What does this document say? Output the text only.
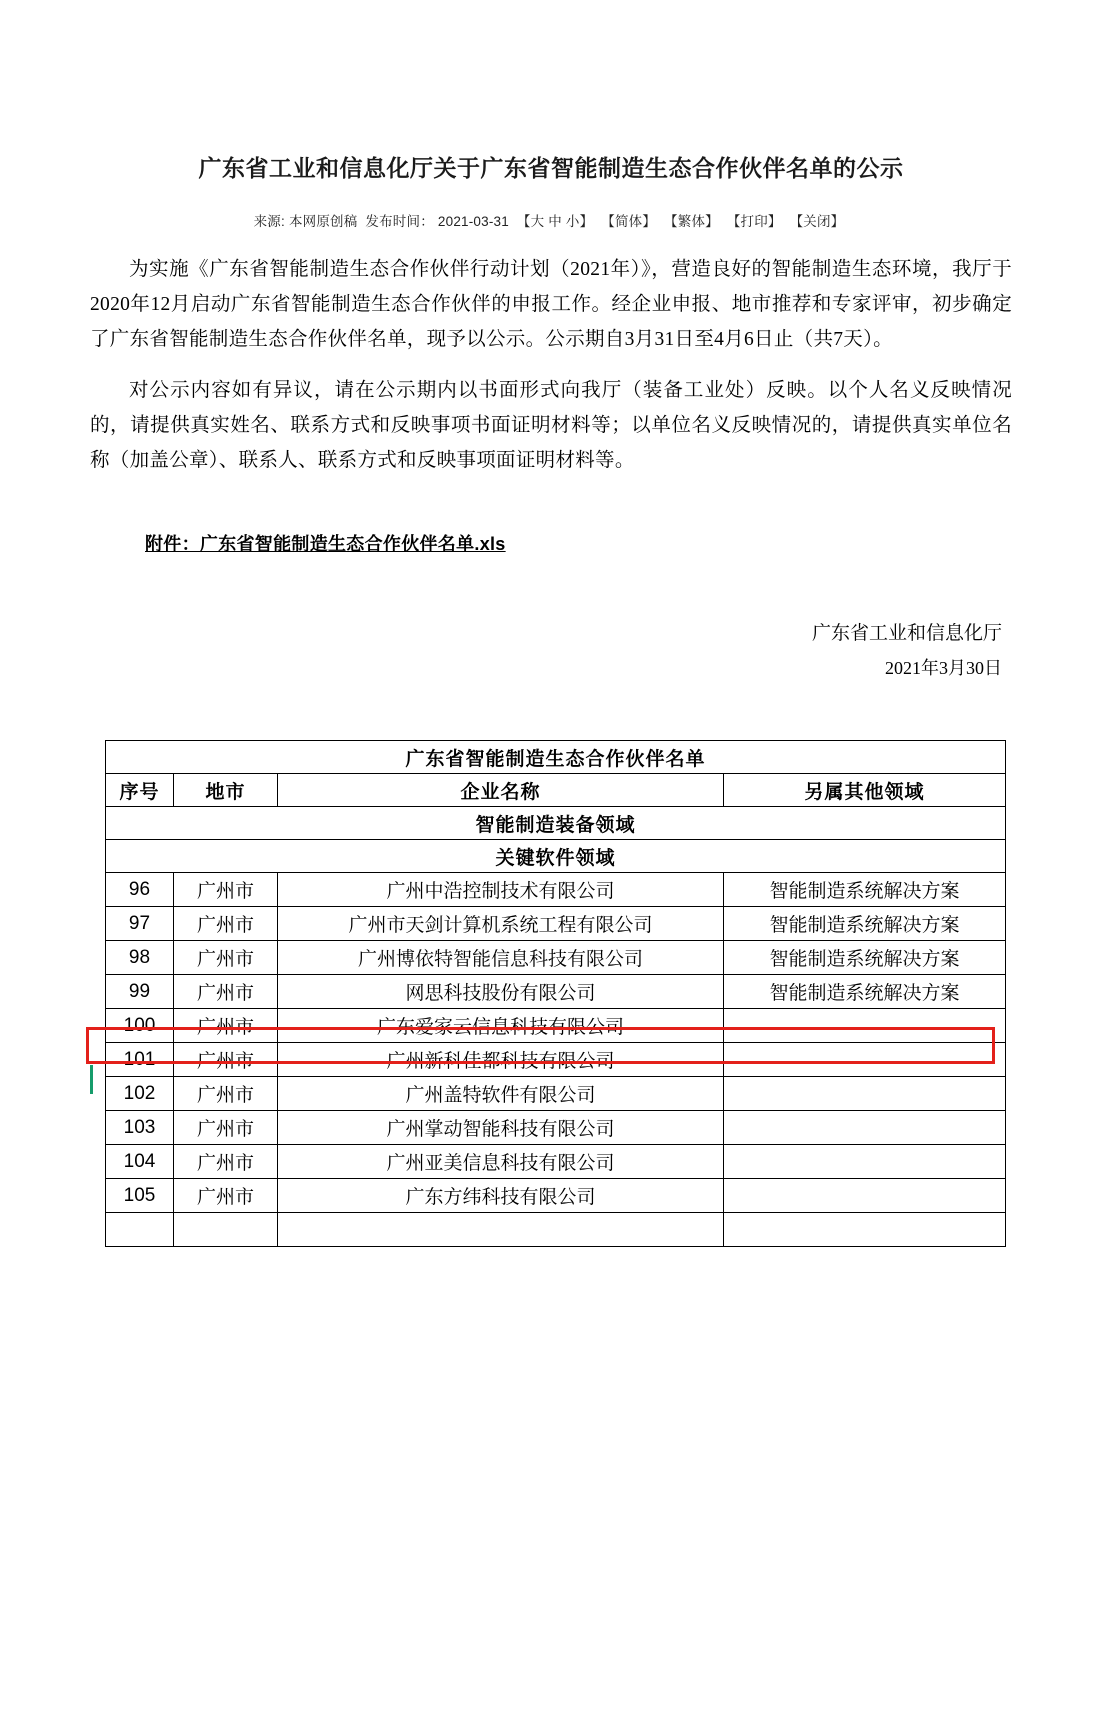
广东省工业和信息化厅关于广东省智能制造生态合作伙伴名单的公示
来源: 本网原创稿 发布时间： 2021-03-31 【大 中 小】 【简体】 【繁体】 【打印】 【关闭】
为实施《广东省智能制造生态合作伙伴行动计划（2021年）》，营造良好的智能制造生态环境，我厅于2020年12月启动广东省智能制造生态合作伙伴的申报工作。经企业申报、地市推荐和专家评审，初步确定了广东省智能制造生态合作伙伴名单，现予以公示。公示期自3月31日至4月6日止（共7天）。
对公示内容如有异议，请在公示期内以书面形式向我厅（装备工业处）反映。以个人名义反映情况的，请提供真实姓名、联系方式和反映事项书面证明材料等；以单位名义反映情况的，请提供真实单位名称（加盖公章）、联系人、联系方式和反映事项面证明材料等。
附件：广东省智能制造生态合作伙伴名单.xls
广东省工业和信息化厅
2021年3月30日
广东省智能制造生态合作伙伴名单			
序号	地市	企业名称	另属其他领域
智能制造装备领域			
关键软件领域			
96	广州市	广州中浩控制技术有限公司	智能制造系统解决方案
97	广州市	广州市天剑计算机系统工程有限公司	智能制造系统解决方案
98	广州市	广州博依特智能信息科技有限公司	智能制造系统解决方案
99	广州市	网思科技股份有限公司	智能制造系统解决方案
100	广州市	广东爱家云信息科技有限公司	
101	广州市	广州新科佳都科技有限公司	
102	广州市	广州盖特软件有限公司	
103	广州市	广州掌动智能科技有限公司	
104	广州市	广州亚美信息科技有限公司	
105	广州市	广东方纬科技有限公司	
